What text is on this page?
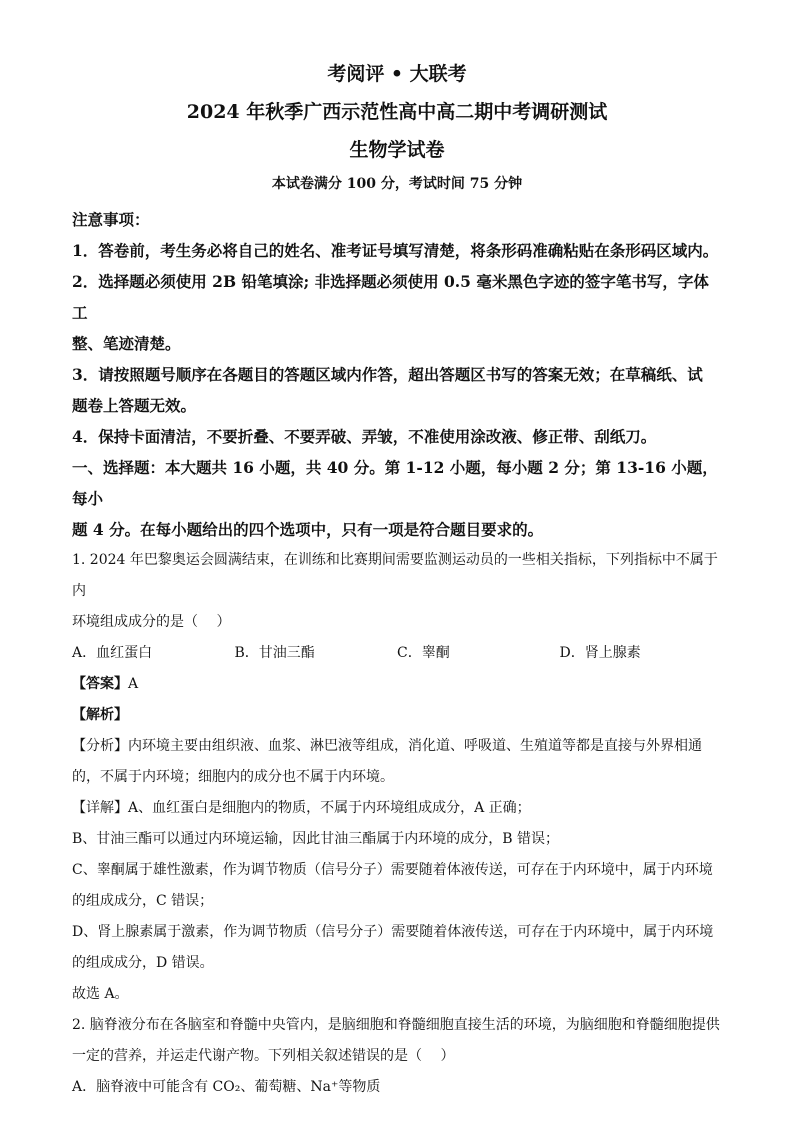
考阅评 • 大联考
2024 年秋季广西示范性高中高二期中考调研测试
生物学试卷
本试卷满分 100 分，考试时间 75 分钟
注意事项：
1．答卷前，考生务必将自己的姓名、准考证号填写清楚，将条形码准确粘贴在条形码区域内。
2．选择题必须使用 2B 铅笔填涂; 非选择题必须使用 0.5 毫米黑色字迹的签字笔书写，字体工
整、笔迹清楚。
3．请按照题号顺序在各题目的答题区域内作答，超出答题区书写的答案无效；在草稿纸、试
题卷上答题无效。
4．保持卡面清洁，不要折叠、不要弄破、弄皱，不准使用涂改液、修正带、刮纸刀。
一、选择题：本大题共 16 小题，共 40 分。第 1-12 小题，每小题 2 分；第 13-16 小题，每小
题 4 分。在每小题给出的四个选项中，只有一项是符合题目要求的。
1. 2024 年巴黎奥运会圆满结束，在训练和比赛期间需要监测运动员的一些相关指标，下列指标中不属于内
环境组成成分的是（　 ）
A．血红蛋白	B．甘油三酯	C．睾酮	D．肾上腺素
【答案】A
【解析】
【分析】内环境主要由组织液、血浆、淋巴液等组成，消化道、呼吸道、生殖道等都是直接与外界相通
的，不属于内环境；细胞内的成分也不属于内环境。
【详解】A、血红蛋白是细胞内的物质，不属于内环境组成成分，A 正确；
B、甘油三酯可以通过内环境运输，因此甘油三酯属于内环境的成分，B 错误；
C、睾酮属于雄性激素，作为调节物质（信号分子）需要随着体液传送，可存在于内环境中，属于内环境
的组成成分，C 错误；
D、肾上腺素属于激素，作为调节物质（信号分子）需要随着体液传送，可存在于内环境中，属于内环境
的组成成分，D 错误。
故选 A。
2. 脑脊液分布在各脑室和脊髓中央管内，是脑细胞和脊髓细胞直接生活的环境，为脑细胞和脊髓细胞提供
一定的营养，并运走代谢产物。下列相关叙述错误的是（　 ）
A．脑脊液中可能含有 CO₂、葡萄糖、Na⁺等物质
